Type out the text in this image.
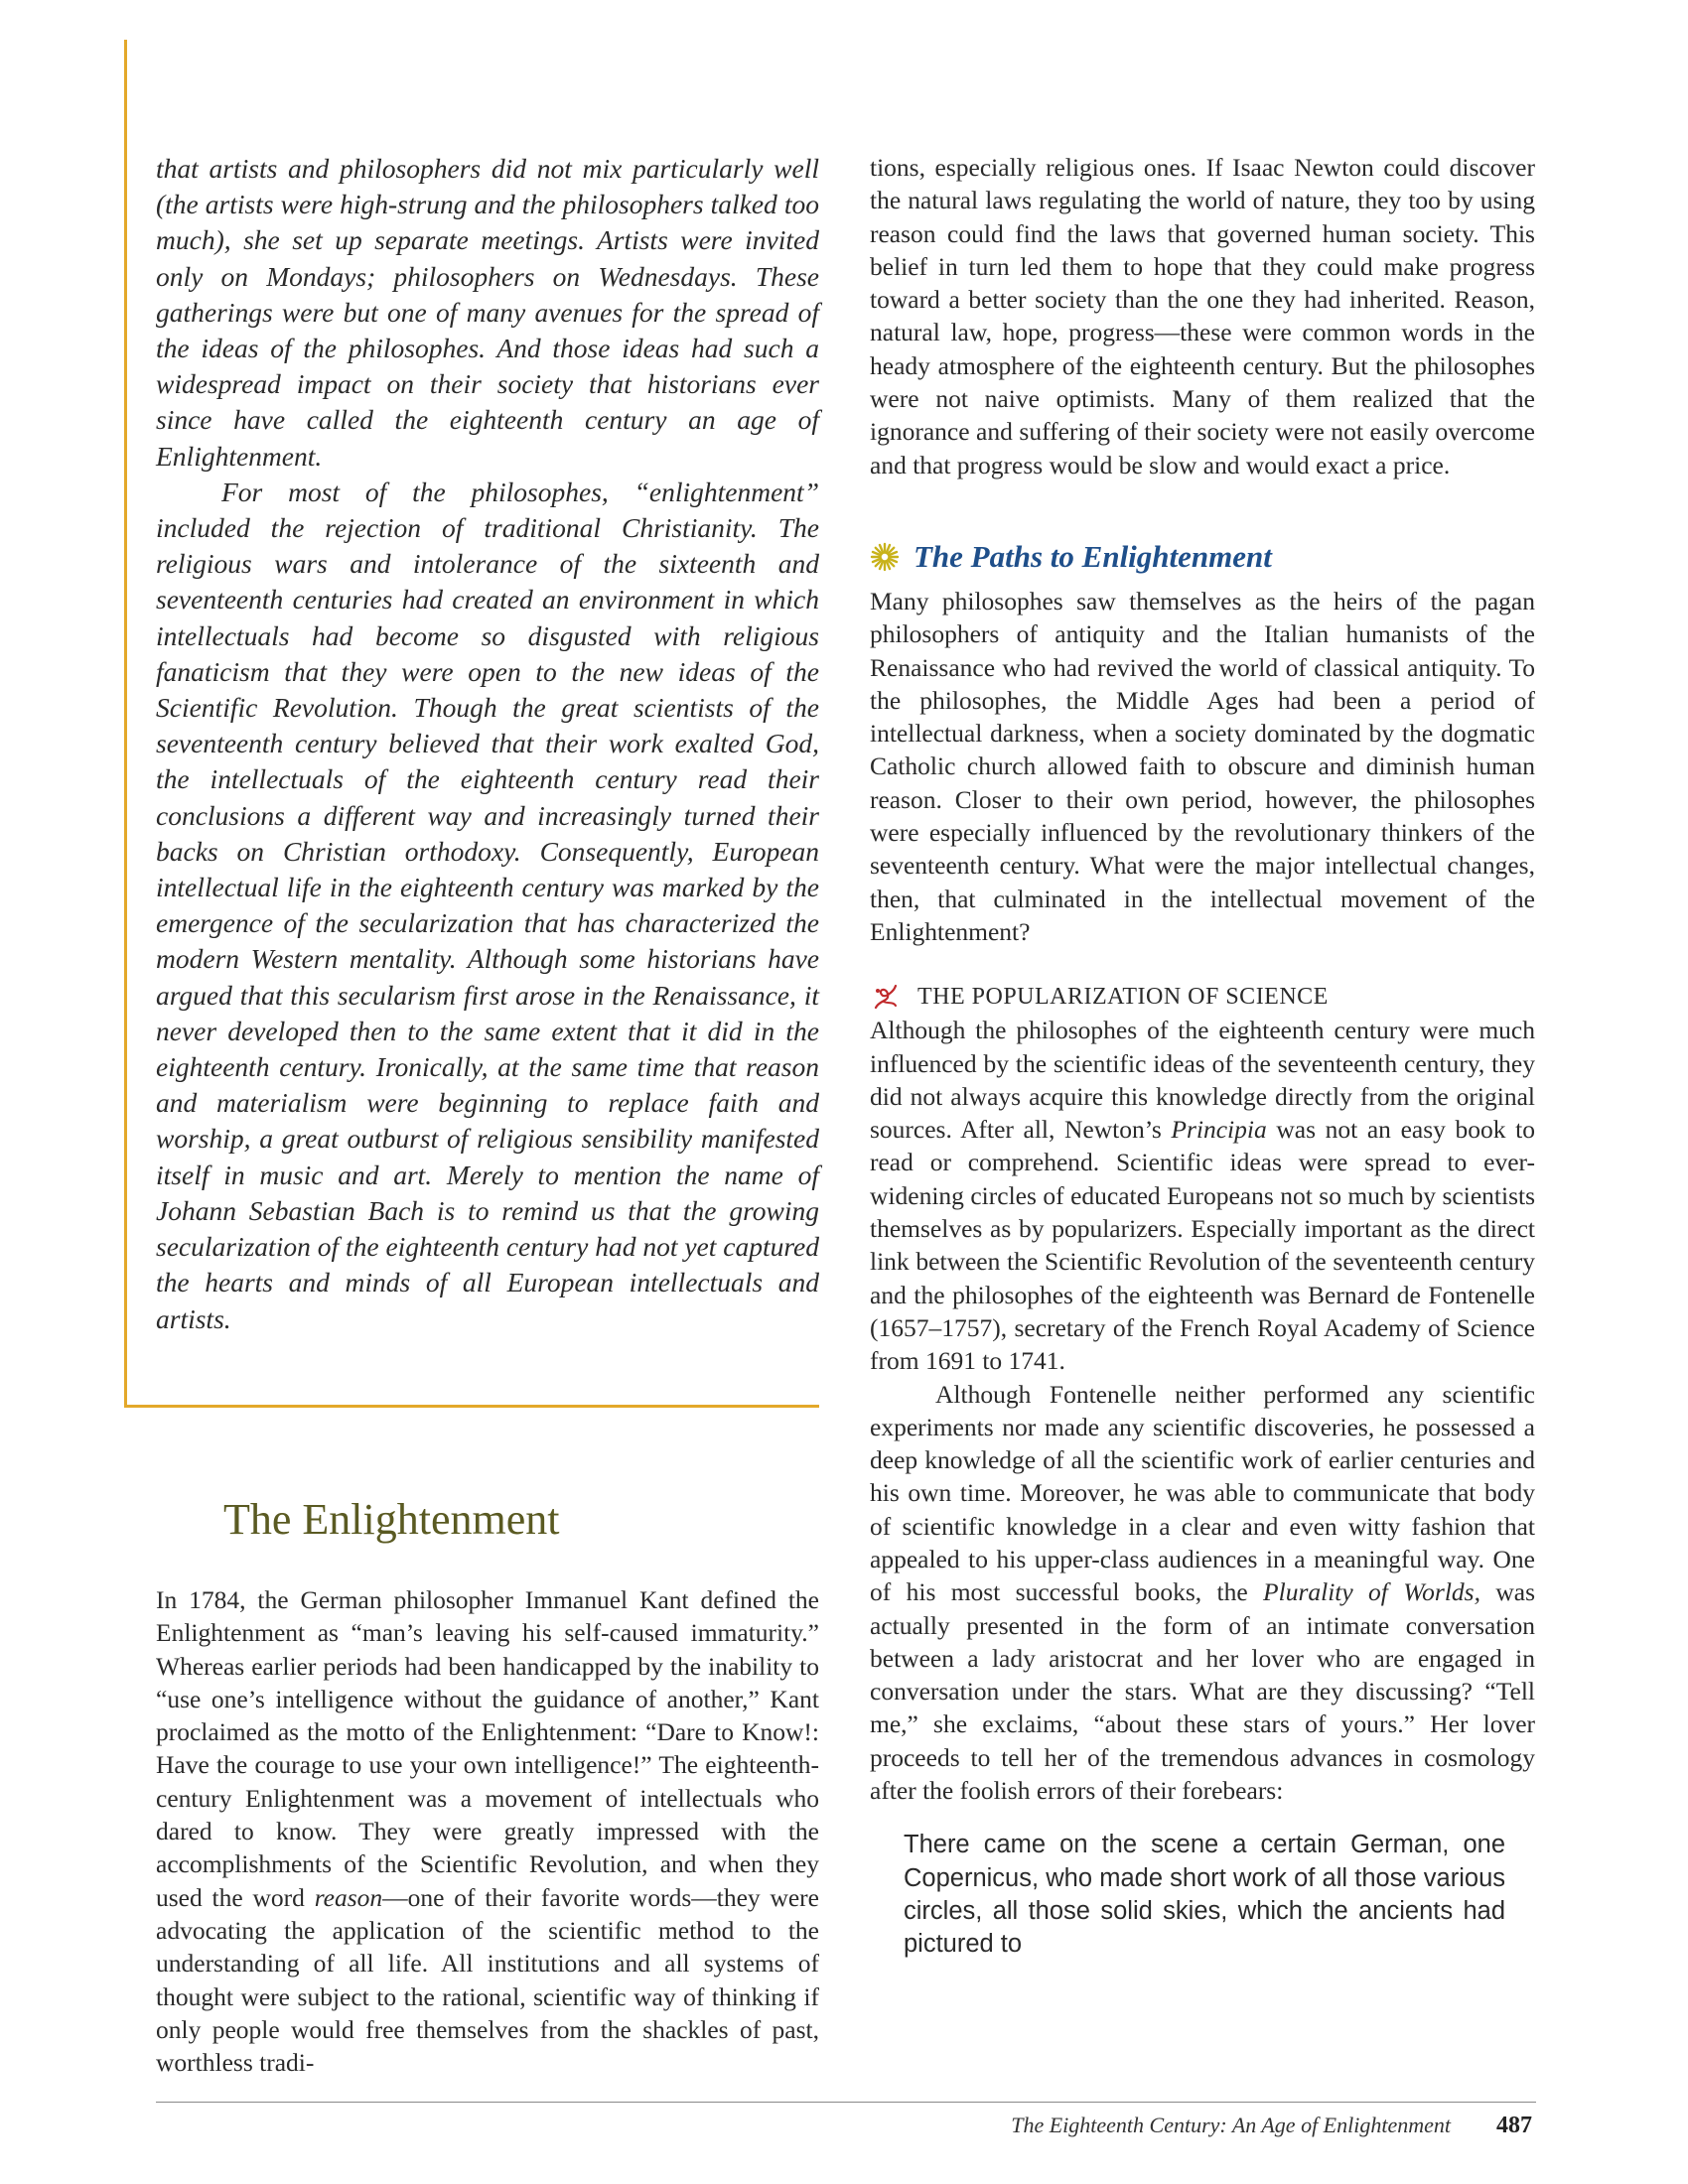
that artists and philosophers did not mix particularly well (the artists were high-strung and the philosophers talked too much), she set up separate meetings. Artists were invited only on Mondays; philosophers on Wednesdays. These gatherings were but one of many avenues for the spread of the ideas of the philosophes. And those ideas had such a widespread impact on their society that historians ever since have called the eighteenth century an age of Enlightenment.

For most of the philosophes, “enlightenment” included the rejection of traditional Christianity. The religious wars and intolerance of the sixteenth and seventeenth centuries had created an environment in which intellectuals had become so disgusted with religious fanaticism that they were open to the new ideas of the Scientific Revolution. Though the great scientists of the seventeenth century believed that their work exalted God, the intellectuals of the eighteenth century read their conclusions a different way and increasingly turned their backs on Christian orthodoxy. Consequently, European intellectual life in the eighteenth century was marked by the emergence of the secularization that has characterized the modern Western mentality. Although some historians have argued that this secularism first arose in the Renaissance, it never developed then to the same extent that it did in the eighteenth century. Ironically, at the same time that reason and materialism were beginning to replace faith and worship, a great outburst of religious sensibility manifested itself in music and art. Merely to mention the name of Johann Sebastian Bach is to remind us that the growing secularization of the eighteenth century had not yet captured the hearts and minds of all European intellectuals and artists.

The Enlightenment

In 1784, the German philosopher Immanuel Kant defined the Enlightenment as “man’s leaving his self-caused immaturity.” Whereas earlier periods had been handicapped by the inability to “use one’s intelligence without the guidance of another,” Kant proclaimed as the motto of the Enlightenment: “Dare to Know!: Have the courage to use your own intelligence!” The eighteenth-century Enlightenment was a movement of intellectuals who dared to know. They were greatly impressed with the accomplishments of the Scientific Revolution, and when they used the word reason—one of their favorite words—they were advocating the application of the scientific method to the understanding of all life. All institutions and all systems of thought were subject to the rational, scientific way of thinking if only people would free themselves from the shackles of past, worthless tradi-

tions, especially religious ones. If Isaac Newton could discover the natural laws regulating the world of nature, they too by using reason could find the laws that governed human society. This belief in turn led them to hope that they could make progress toward a better society than the one they had inherited. Reason, natural law, hope, progress—these were common words in the heady atmosphere of the eighteenth century. But the philosophes were not naive optimists. Many of them realized that the ignorance and suffering of their society were not easily overcome and that progress would be slow and would exact a price.

The Paths to Enlightenment

Many philosophes saw themselves as the heirs of the pagan philosophers of antiquity and the Italian humanists of the Renaissance who had revived the world of classical antiquity. To the philosophes, the Middle Ages had been a period of intellectual darkness, when a society dominated by the dogmatic Catholic church allowed faith to obscure and diminish human reason. Closer to their own period, however, the philosophes were especially influenced by the revolutionary thinkers of the seventeenth century. What were the major intellectual changes, then, that culminated in the intellectual movement of the Enlightenment?

THE POPULARIZATION OF SCIENCE

Although the philosophes of the eighteenth century were much influenced by the scientific ideas of the seventeenth century, they did not always acquire this knowledge directly from the original sources. After all, Newton’s Principia was not an easy book to read or comprehend. Scientific ideas were spread to ever-widening circles of educated Europeans not so much by scientists themselves as by popularizers. Especially important as the direct link between the Scientific Revolution of the seventeenth century and the philosophes of the eighteenth was Bernard de Fontenelle (1657–1757), secretary of the French Royal Academy of Science from 1691 to 1741.

Although Fontenelle neither performed any scientific experiments nor made any scientific discoveries, he possessed a deep knowledge of all the scientific work of earlier centuries and his own time. Moreover, he was able to communicate that body of scientific knowledge in a clear and even witty fashion that appealed to his upper-class audiences in a meaningful way. One of his most successful books, the Plurality of Worlds, was actually presented in the form of an intimate conversation between a lady aristocrat and her lover who are engaged in conversation under the stars. What are they discussing? “Tell me,” she exclaims, “about these stars of yours.” Her lover proceeds to tell her of the tremendous advances in cosmology after the foolish errors of their forebears:

There came on the scene a certain German, one Copernicus, who made short work of all those various circles, all those solid skies, which the ancients had pictured to

The Eighteenth Century: An Age of Enlightenment 487
